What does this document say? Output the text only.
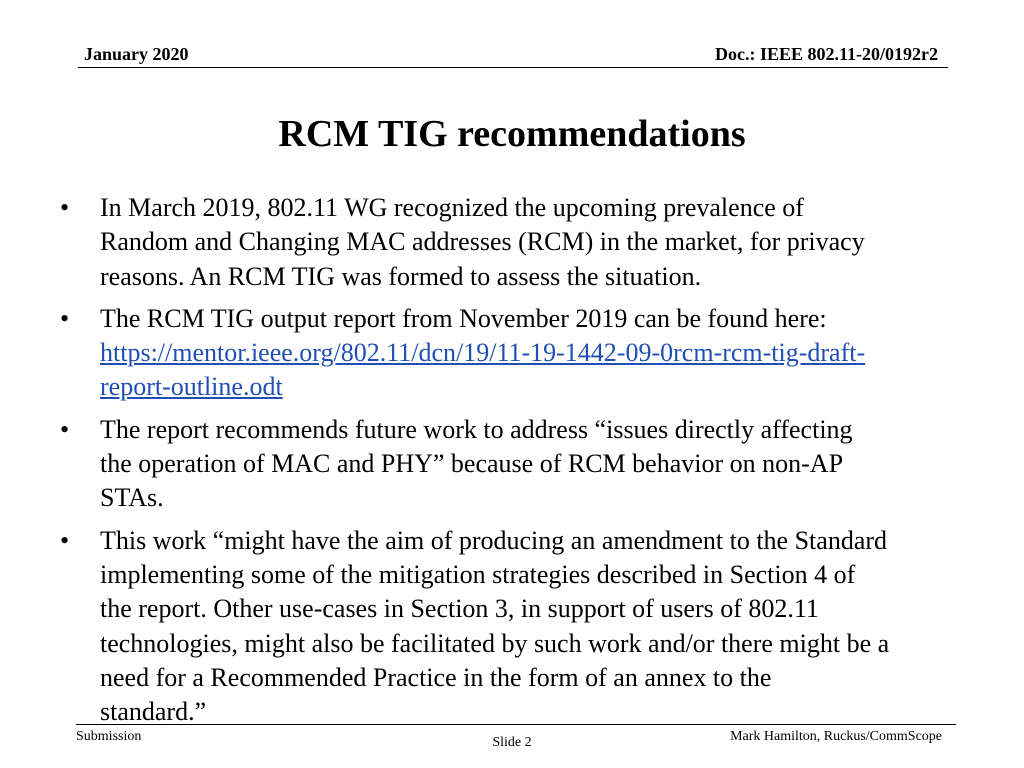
January 2020	Doc.: IEEE 802.11-20/0192r2
RCM TIG recommendations
• In March 2019, 802.11 WG recognized the upcoming prevalence of
Random and Changing MAC addresses (RCM) in the market, for privacy
reasons. An RCM TIG was formed to assess the situation.
• The RCM TIG output report from November 2019 can be found here:
https://mentor.ieee.org/802.11/dcn/19/11-19-1442-09-0rcm-rcm-tig-draft-
report-outline.odt
• The report recommends future work to address “issues directly affecting
the operation of MAC and PHY” because of RCM behavior on non-AP
STAs.
• This work “might have the aim of producing an amendment to the Standard
implementing some of the mitigation strategies described in Section 4 of
the report. Other use-cases in Section 3, in support of users of 802.11
technologies, might also be facilitated by such work and/or there might be a
need for a Recommended Practice in the form of an annex to the
standard.”
Submission	Slide 2	Mark Hamilton, Ruckus/CommScope
